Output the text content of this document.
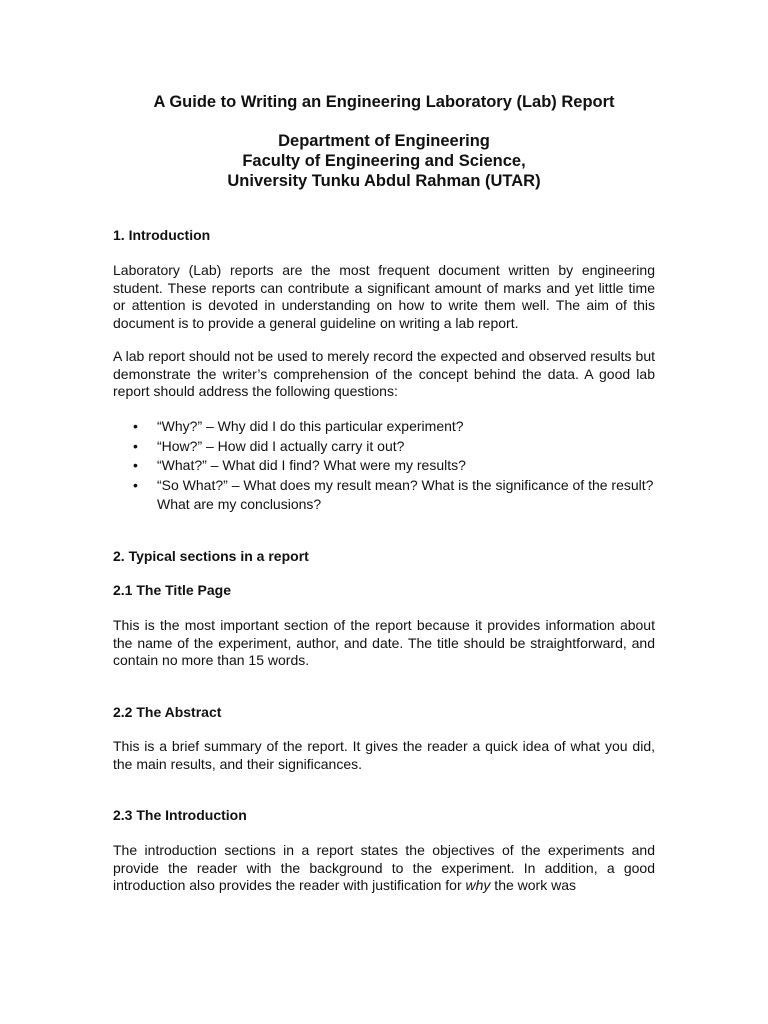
A Guide to Writing an Engineering Laboratory (Lab) Report
Department of Engineering
Faculty of Engineering and Science,
University Tunku Abdul Rahman (UTAR)
1. Introduction

Laboratory (Lab) reports are the most frequent document written by engineering student. These reports can contribute a significant amount of marks and yet little time or attention is devoted in understanding on how to write them well. The aim of this document is to provide a general guideline on writing a lab report.

A lab report should not be used to merely record the expected and observed results but demonstrate the writer’s comprehension of the concept behind the data. A good lab report should address the following questions:

• “Why?” – Why did I do this particular experiment?
• “How?” – How did I actually carry it out?
• “What?” – What did I find? What were my results?
• “So What?” – What does my result mean? What is the significance of the result? What are my conclusions?
2. Typical sections in a report
2.1 The Title Page

This is the most important section of the report because it provides information about the name of the experiment, author, and date. The title should be straightforward, and contain no more than 15 words.

2.2 The Abstract

This is a brief summary of the report. It gives the reader a quick idea of what you did, the main results, and their significances.

2.3 The Introduction

The introduction sections in a report states the objectives of the experiments and provide the reader with the background to the experiment. In addition, a good introduction also provides the reader with justification for why the work was
